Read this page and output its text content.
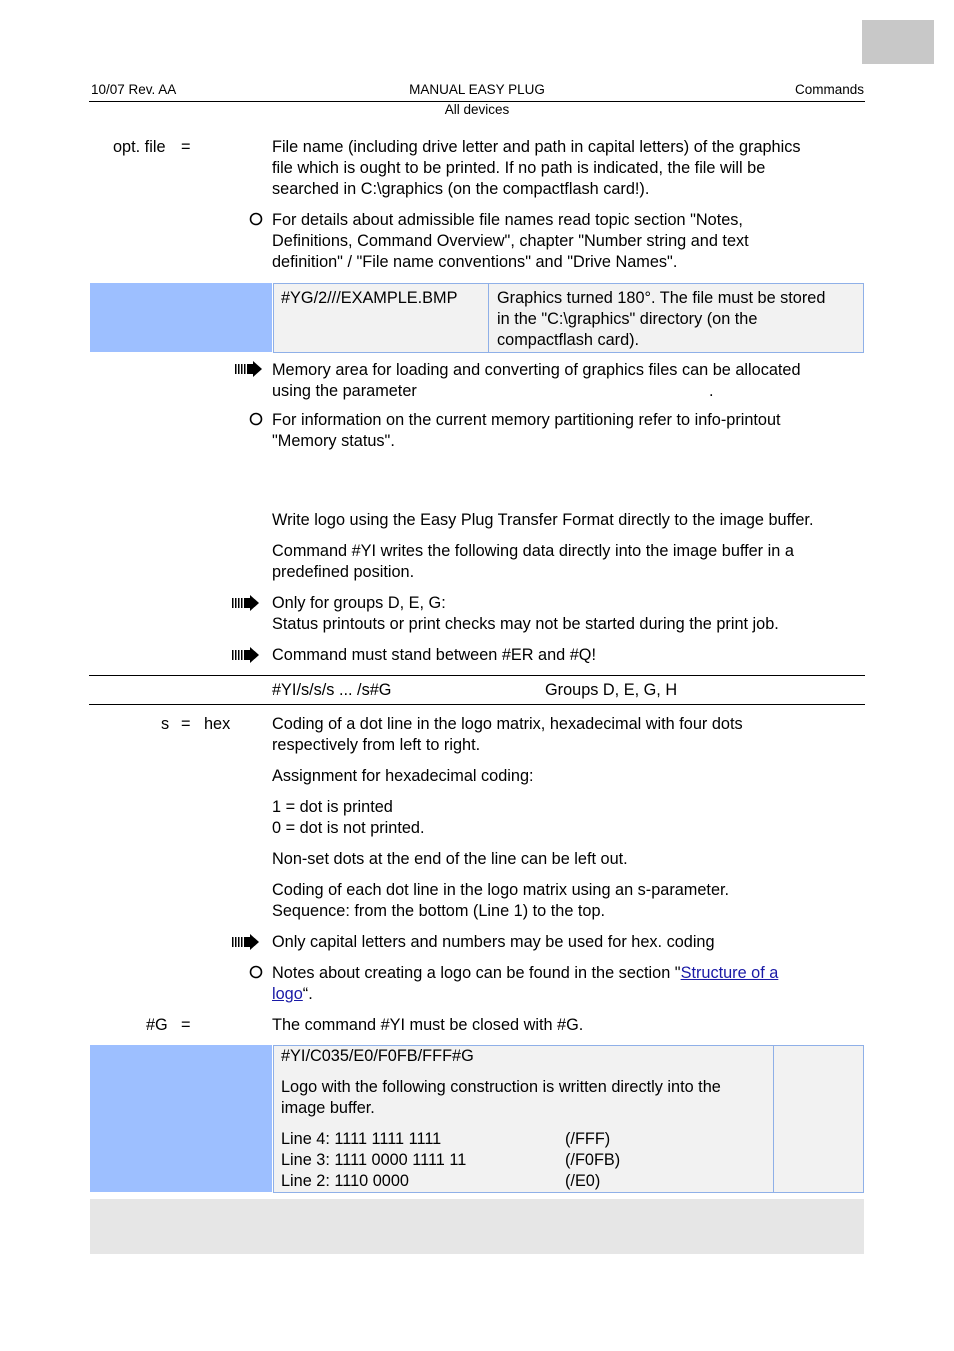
10/07 Rev. AA	MANUAL EASY PLUG	Commands
All devices
opt. file =	File name (including drive letter and path in capital letters) of the graphics
file which is ought to be printed. If no path is indicated, the file will be
searched in C:\graphics (on the compactflash card!).
For details about admissible file names read topic section "Notes,
Definitions, Command Overview", chapter "Number string and text
definition" / "File name conventions" and "Drive Names".
#YG/2///EXAMPLE.BMP Graphics turned 180°. The file must be stored
in the "C:\graphics" directory (on the
compactflash card).
Memory area for loading and converting of graphics files can be allocated
using the parameter	.
For information on the current memory partitioning refer to info-printout
"Memory status".
Write logo using the Easy Plug Transfer Format directly to the image buffer.
Command #YI writes the following data directly into the image buffer in a
predefined position.
Only for groups D, E, G:
Status printouts or print checks may not be started during the print job.
Command must stand between #ER and #Q!
#YI/s/s/s ... /s#G	Groups D, E, G, H
s = hex	Coding of a dot line in the logo matrix, hexadecimal with four dots
respectively from left to right.
Assignment for hexadecimal coding:
1 = dot is printed
0 = dot is not printed.
Non-set dots at the end of the line can be left out.
Coding of each dot line in the logo matrix using an s-parameter.
Sequence: from the bottom (Line 1) to the top.
Only capital letters and numbers may be used for hex. coding
Notes about creating a logo can be found in the section "Structure of a
logo“.
#G =	The command #YI must be closed with #G.
#YI/C035/E0/F0FB/FFF#G
Logo with the following construction is written directly into the
image buffer.
Line 4: 1111 1111 1111	(/FFF)
Line 3: 1111 0000 1111 11	(/F0FB)
Line 2: 1110 0000	(/E0)
